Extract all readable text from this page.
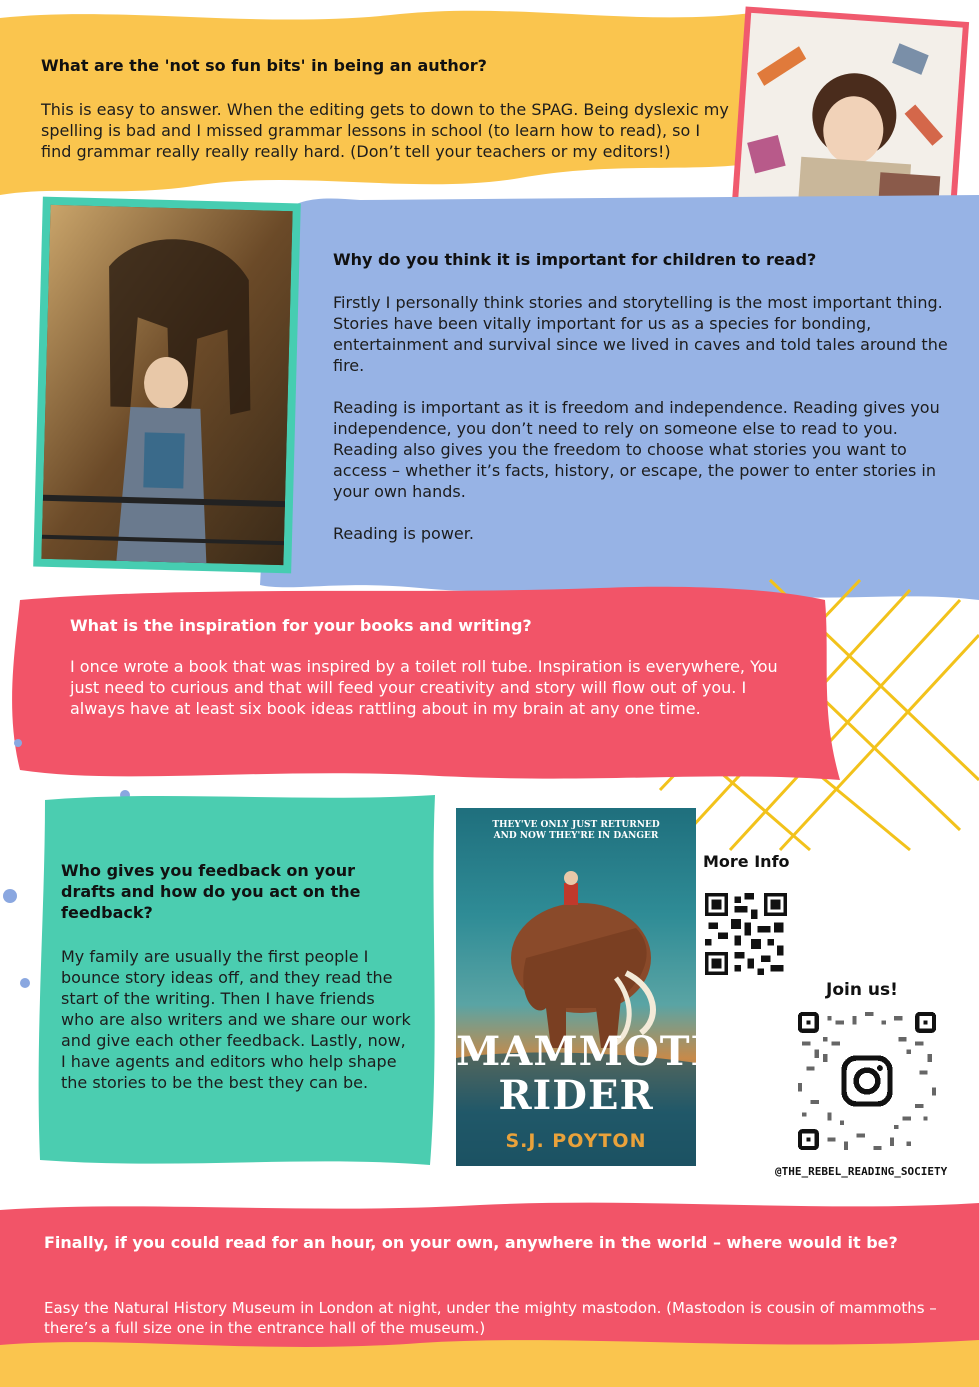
What are the 'not so fun bits' in being an author?

This is easy to answer. When the editing gets to down to the SPAG. Being dyslexic my spelling is bad and I missed grammar lessons in school (to learn how to read), so I find grammar really really really hard. (Don’t tell your teachers or my editors!)

Why do you think it is important for children to read?

Firstly I personally think stories and storytelling is the most important thing. Stories have been vitally important for us as a species for bonding, entertainment and survival since we lived in caves and told tales around the fire.

Reading is important as it is freedom and independence. Reading gives you independence, you don’t need to rely on someone else to read to you. Reading also gives you the freedom to choose what stories you want to access – whether it’s facts, history, or escape, the power to enter stories in your own hands.

Reading is power.

What is the inspiration for your books and writing?

I once wrote a book that was inspired by a toilet roll tube. Inspiration is everywhere, You just need to curious and that will feed your creativity and story will flow out of you. I always have at least six book ideas rattling about in my brain at any one time.

Who gives you feedback on your drafts and how do you act on the feedback?

My family are usually the first people I bounce story ideas off, and they read the start of the writing. Then I have friends who are also writers and we share our work and give each other feedback. Lastly, now, I have agents and editors who help shape the stories to be the best they can be.

THEY'VE ONLY JUST RETURNED
AND NOW THEY'RE IN DANGER
MAMMOTH
RIDER
S.J. POYTON
More Info
Join us!
@THE_REBEL_READING_SOCIETY
Finally, if you could read for an hour, on your own, anywhere in the world – where would it be?

Easy the Natural History Museum in London at night, under the mighty mastodon. (Mastodon is cousin of mammoths – there’s a full size one in the entrance hall of the museum.)
